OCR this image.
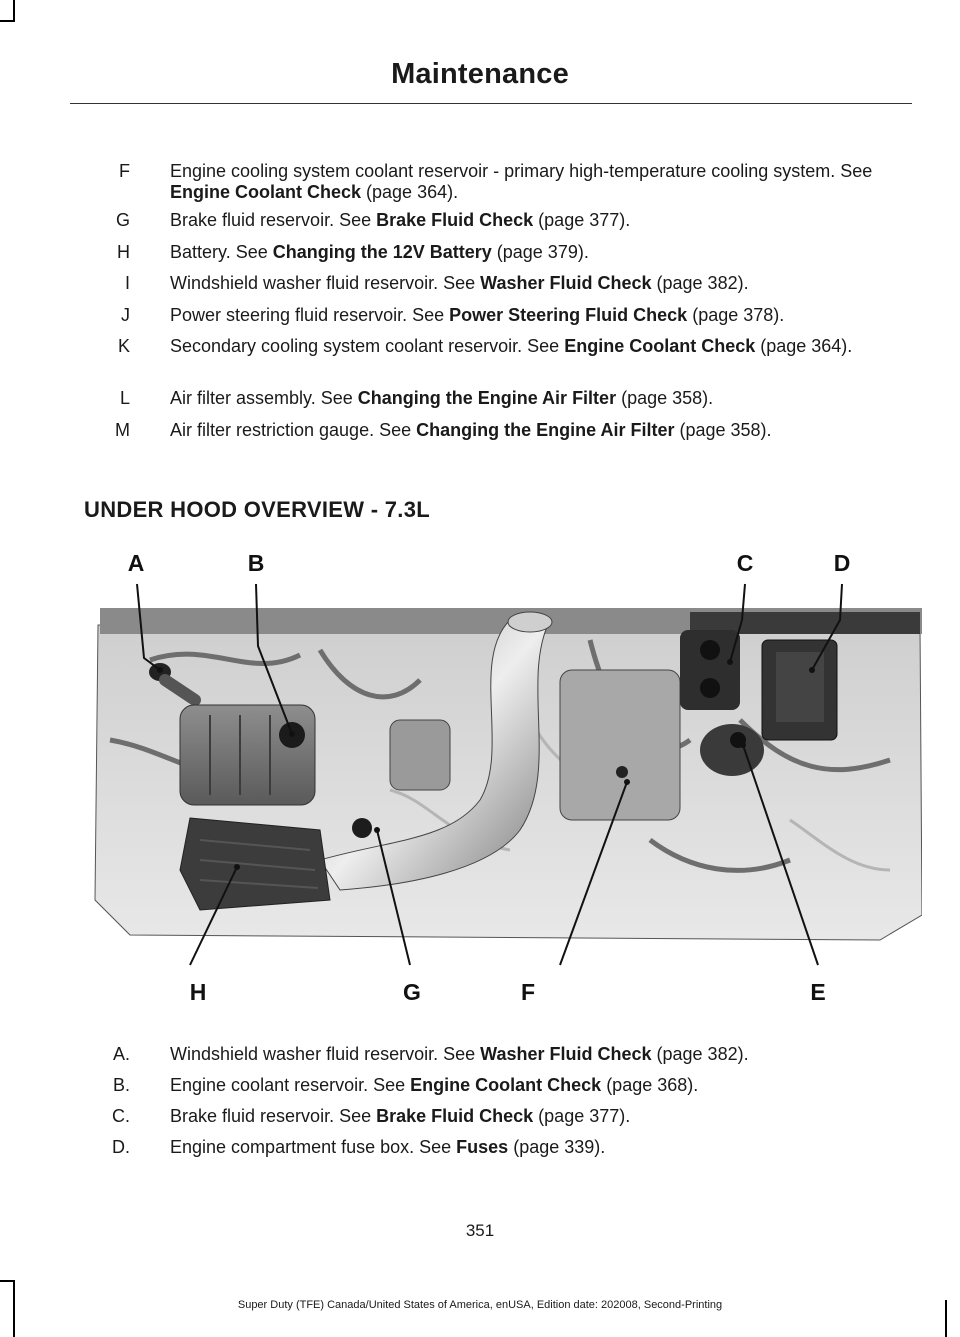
Maintenance
F Engine cooling system coolant reservoir - primary high-temperature cooling system. See Engine Coolant Check (page 364).
G Brake fluid reservoir. See Brake Fluid Check (page 377).
H Battery. See Changing the 12V Battery (page 379).
I Windshield washer fluid reservoir. See Washer Fluid Check (page 382).
J Power steering fluid reservoir. See Power Steering Fluid Check (page 378).
K Secondary cooling system coolant reservoir. See Engine Coolant Check (page 364).
L Air filter assembly. See Changing the Engine Air Filter (page 358).
M Air filter restriction gauge. See Changing the Engine Air Filter (page 358).
UNDER HOOD OVERVIEW - 7.3L
A	B	C	D
H	G	F	E
A. Windshield washer fluid reservoir. See Washer Fluid Check (page 382).
B. Engine coolant reservoir. See Engine Coolant Check (page 368).
C. Brake fluid reservoir. See Brake Fluid Check (page 377).
D. Engine compartment fuse box. See Fuses (page 339).
351
Super Duty (TFE) Canada/United States of America, enUSA, Edition date: 202008, Second-Printing
